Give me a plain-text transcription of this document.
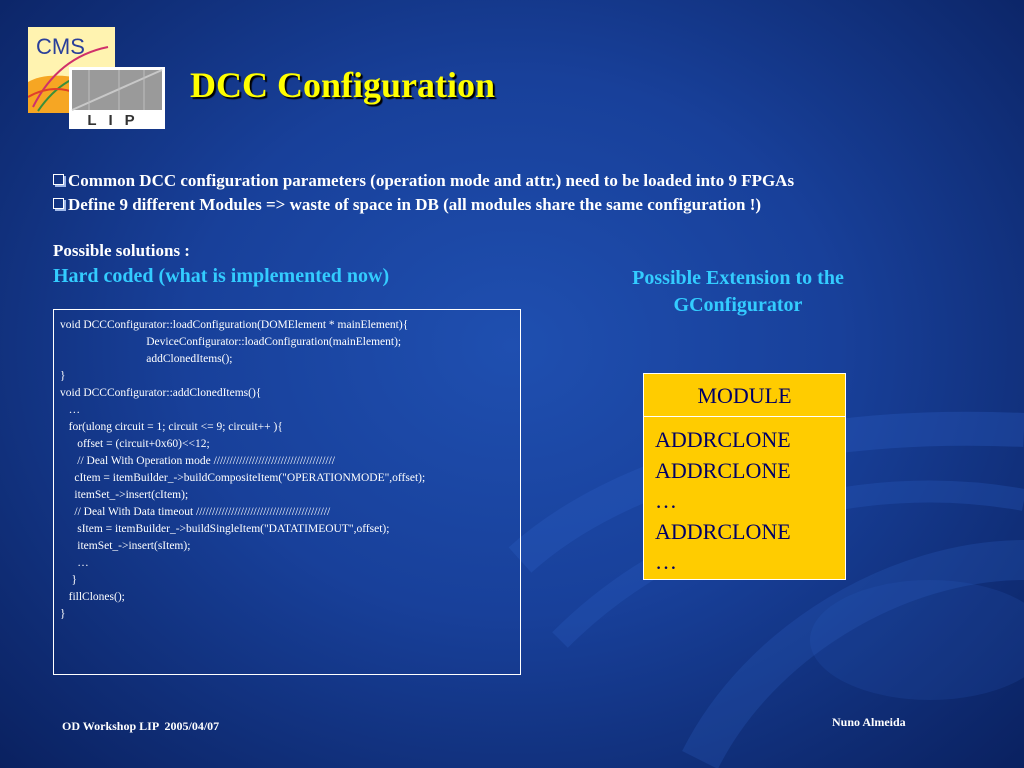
CMS
LIP
DCC Configuration
Common DCC configuration parameters (operation mode and attr.) need to be loaded into 9 FPGAs
Define 9 different Modules => waste of space in DB (all modules share the same configuration !)
Possible solutions :
Hard coded (what is implemented now)	Possible Extension to the
GConfigurator
void DCCConfigurator::loadConfiguration(DOMElement * mainElement){
DeviceConfigurator::loadConfiguration(mainElement);
addClonedItems();
}
void DCCConfigurator::addClonedItems(){
…
for(ulong circuit = 1; circuit <= 9; circuit++ ){
offset = (circuit+0x60)<<12;
// Deal With Operation mode //////////////////////////////////////
cItem = itemBuilder_->buildCompositeItem("OPERATIONMODE",offset);
itemSet_->insert(cItem);
// Deal With Data timeout //////////////////////////////////////////
sItem = itemBuilder_->buildSingleItem("DATATIMEOUT",offset);
itemSet_->insert(sItem);
…
}
fillClones();
}
MODULE
ADDRCLONE
ADDRCLONE
…
ADDRCLONE
…
OD Workshop LIP  2005/04/07	Nuno Almeida
